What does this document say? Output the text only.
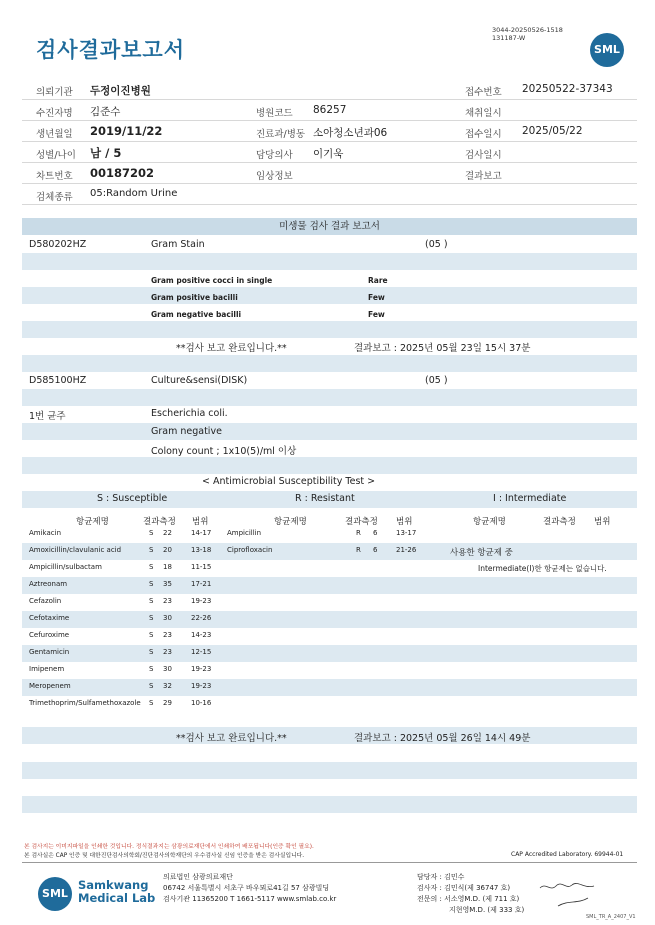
검사결과보고서
3044-20250526-1518
131187-W
SML
의뢰기관 두정이진병원	접수번호 20250522-37343
수진자명 김준수	병원코드 86257	채취일시
생년월일 2019/11/22	진료과/병동 소아청소년과06	접수일시 2025/05/22
성별/나이 남 / 5	담당의사 이기욱	검사일시
차트번호 00187202	임상정보	결과보고
검체종류 05:Random Urine
미생물 검사 결과 보고서
D580202HZ	Gram Stain	(05 )
Gram positive cocci in single	Rare
Gram positive bacilli	Few
Gram negative bacilli	Few
**검사 보고 완료입니다.**	결과보고 : 2025년 05월 23일 15시 37분
D585100HZ	Culture&sensi(DISK)	(05 )
1번 균주	Escherichia coli.
Gram negative
Colony count ; 1x10(5)/ml 이상
< Antimicrobial Susceptibility Test >
S : Susceptible	R : Resistant	I : Intermediate
항균제명	결과측정 범위	항균제명	결과측정 범위	항균제명	결과측정 범위
Amikacin	S 22	14-17 Ampicillin	R 6	13-17
Amoxicillin/clavulanic acid	S 20	13-18 Ciprofloxacin	R 6	21-26
Ampicillin/sulbactam	S 18	11-15
Aztreonam	S 35	17-21
Cefazolin	S 23	19-23
Cefotaxime	S 30	22-26
Cefuroxime	S 23	14-23
Gentamicin	S 23	12-15
Imipenem	S 30	19-23
Meropenem	S 32	19-23
Trimethoprim/Sulfamethoxazole S 29	10-16
사용한 항균제 중
Intermediate(I)한 항균제는 없습니다.
**검사 보고 완료입니다.**	결과보고 : 2025년 05월 26일 14시 49분
본 검사지는 이미지파일을 인쇄한 것입니다. 정식결과지는 삼광의료재단에서 인쇄하여 배포됩니다(인증 확인 필요).
본 검사실은 CAP 인증 및 대한진단검사의학회/진단검사의학재단의 우수검사실 신임 인증을 받은 검사실입니다.	CAP Accredited Laboratory. 69944-01
SML
Samkwang
Medical Lab
의료법인 삼광의료재단
06742 서울특별시 서초구 바우뫼로41길 57 삼광빌딩
검사기관 11365200 T 1661-5117 www.smlab.co.kr
담당자 : 김민수
검사자 : 김민식(제 36747 호)
전문의 : 서소영M.D. (제 711 호)
지현영M.D. (제 333 호)
SML_TR_A_2407_V1
